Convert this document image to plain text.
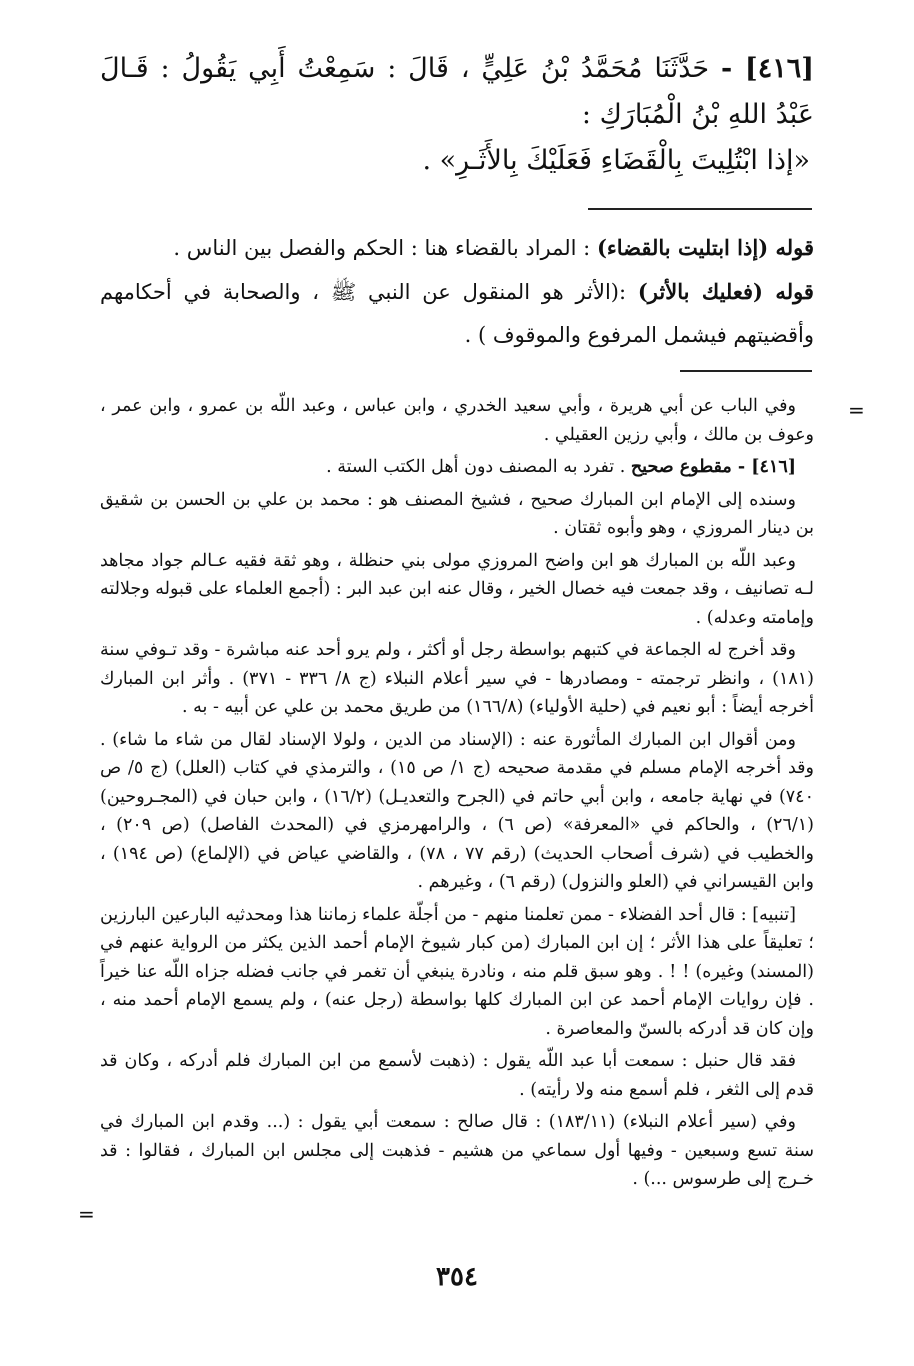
[٤١٦] - حَدَّثَنَا مُحَمَّدُ بْنُ عَلِيٍّ ، قَالَ : سَمِعْتُ أَبِي يَقُولُ : قَـالَ عَبْدُ اللهِ بْنُ الْمُبَارَكِ :

«إذا ابْتُلِيتَ بِالْقَضَاءِ فَعَلَيْكَ بِالأَثَـرِ» .

قوله (إذا ابتليت بالقضاء) : المراد بالقضاء هنا : الحكم والفصل بين الناس .

قوله (فعليك بالأثر) :(الأثر هو المنقول عن النبي ﷺ ، والصحابة في أحكامهم وأقضيتهم فيشمل المرفوع والموقوف ) .

=

وفي الباب عن أبي هريرة ، وأبي سعيد الخدري ، وابن عباس ، وعبد اللّه بن عمرو ، وابن عمر ، وعوف بن مالك ، وأبي رزين العقيلي .

[٤١٦] - مقطوع صحيح . تفرد به المصنف دون أهل الكتب الستة .

وسنده إلى الإمام ابن المبارك صحيح ، فشيخ المصنف هو : محمد بن علي بن الحسن بن شقيق بن دينار المروزي ، وهو وأبوه ثقتان .

وعبد اللّه بن المبارك هو ابن واضح المروزي مولى بني حنظلة ، وهو ثقة فقيه عـالم جواد مجاهد لـه تصانيف ، وقد جمعت فيه خصال الخير ، وقال عنه ابن عبد البر : (أجمع العلماء على قبوله وجلالته وإمامته وعدله) .

وقد أخرج له الجماعة في كتبهم بواسطة رجل أو أكثر ، ولم يرو أحد عنه مباشرة - وقد تـوفي سنة (١٨١) ، وانظر ترجمته - ومصادرها - في سير أعلام النبلاء (ج ٨/ ٣٣٦ - ٣٧١) . وأثر ابن المبارك أخرجه أيضاً : أبو نعيم في (حلية الأولياء) (١٦٦/٨) من طريق محمد بن علي عن أبيه - به .

ومن أقوال ابن المبارك المأثورة عنه : (الإسناد من الدين ، ولولا الإسناد لقال من شاء ما شاء) . وقد أخرجه الإمام مسلم في مقدمة صحيحه (ج ١/ ص ١٥) ، والترمذي في كتاب (العلل) (ج ٥/ ص ٧٤٠) في نهاية جامعه ، وابن أبي حاتم في (الجرح والتعديـل) (١٦/٢) ، وابن حبان في (المجـروحين) (٢٦/١) ، والحاكم في «المعرفة» (ص ٦) ، والرامهرمزي في (المحدث الفاصل) (ص ٢٠٩) ، والخطيب في (شرف أصحاب الحديث) (رقم ٧٧ ، ٧٨) ، والقاضي عياض في (الإلماع) (ص ١٩٤) ، وابن القيسراني في (العلو والنزول) (رقم ٦) ، وغيرهم .

[تنبيه] : قال أحد الفضلاء - ممن تعلمنا منهم - من أجلّة علماء زماننا هذا ومحدثيه البارعين البارزين ؛ تعليقاً على هذا الأثر ؛ إن ابن المبارك (من كبار شيوخ الإمام أحمد الذين يكثر من الرواية عنهم في (المسند) وغيره) ! ! . وهو سبق قلم منه ، ونادرة ينبغي أن تغمر في جانب فضله جزاه اللّه عنا خيراً . فإن روايات الإمام أحمد عن ابن المبارك كلها بواسطة (رجل عنه) ، ولم يسمع الإمام أحمد منه ، وإن كان قد أدركه بالسنّ والمعاصرة .

فقد قال حنبل : سمعت أبا عبد اللّه يقول : (ذهبت لأسمع من ابن المبارك فلم أدركه ، وكان قد قدم إلى الثغر ، فلم أسمع منه ولا رأيته) .

وفي (سير أعلام النبلاء) (١٨٣/١١) : قال صالح : سمعت أبي يقول : (... وقدم ابن المبارك في سنة تسع وسبعين - وفيها أول سماعي من هشيم - فذهبت إلى مجلس ابن المبارك ، فقالوا : قد خـرج إلى طرسوس ...) .

=
٣٥٤
